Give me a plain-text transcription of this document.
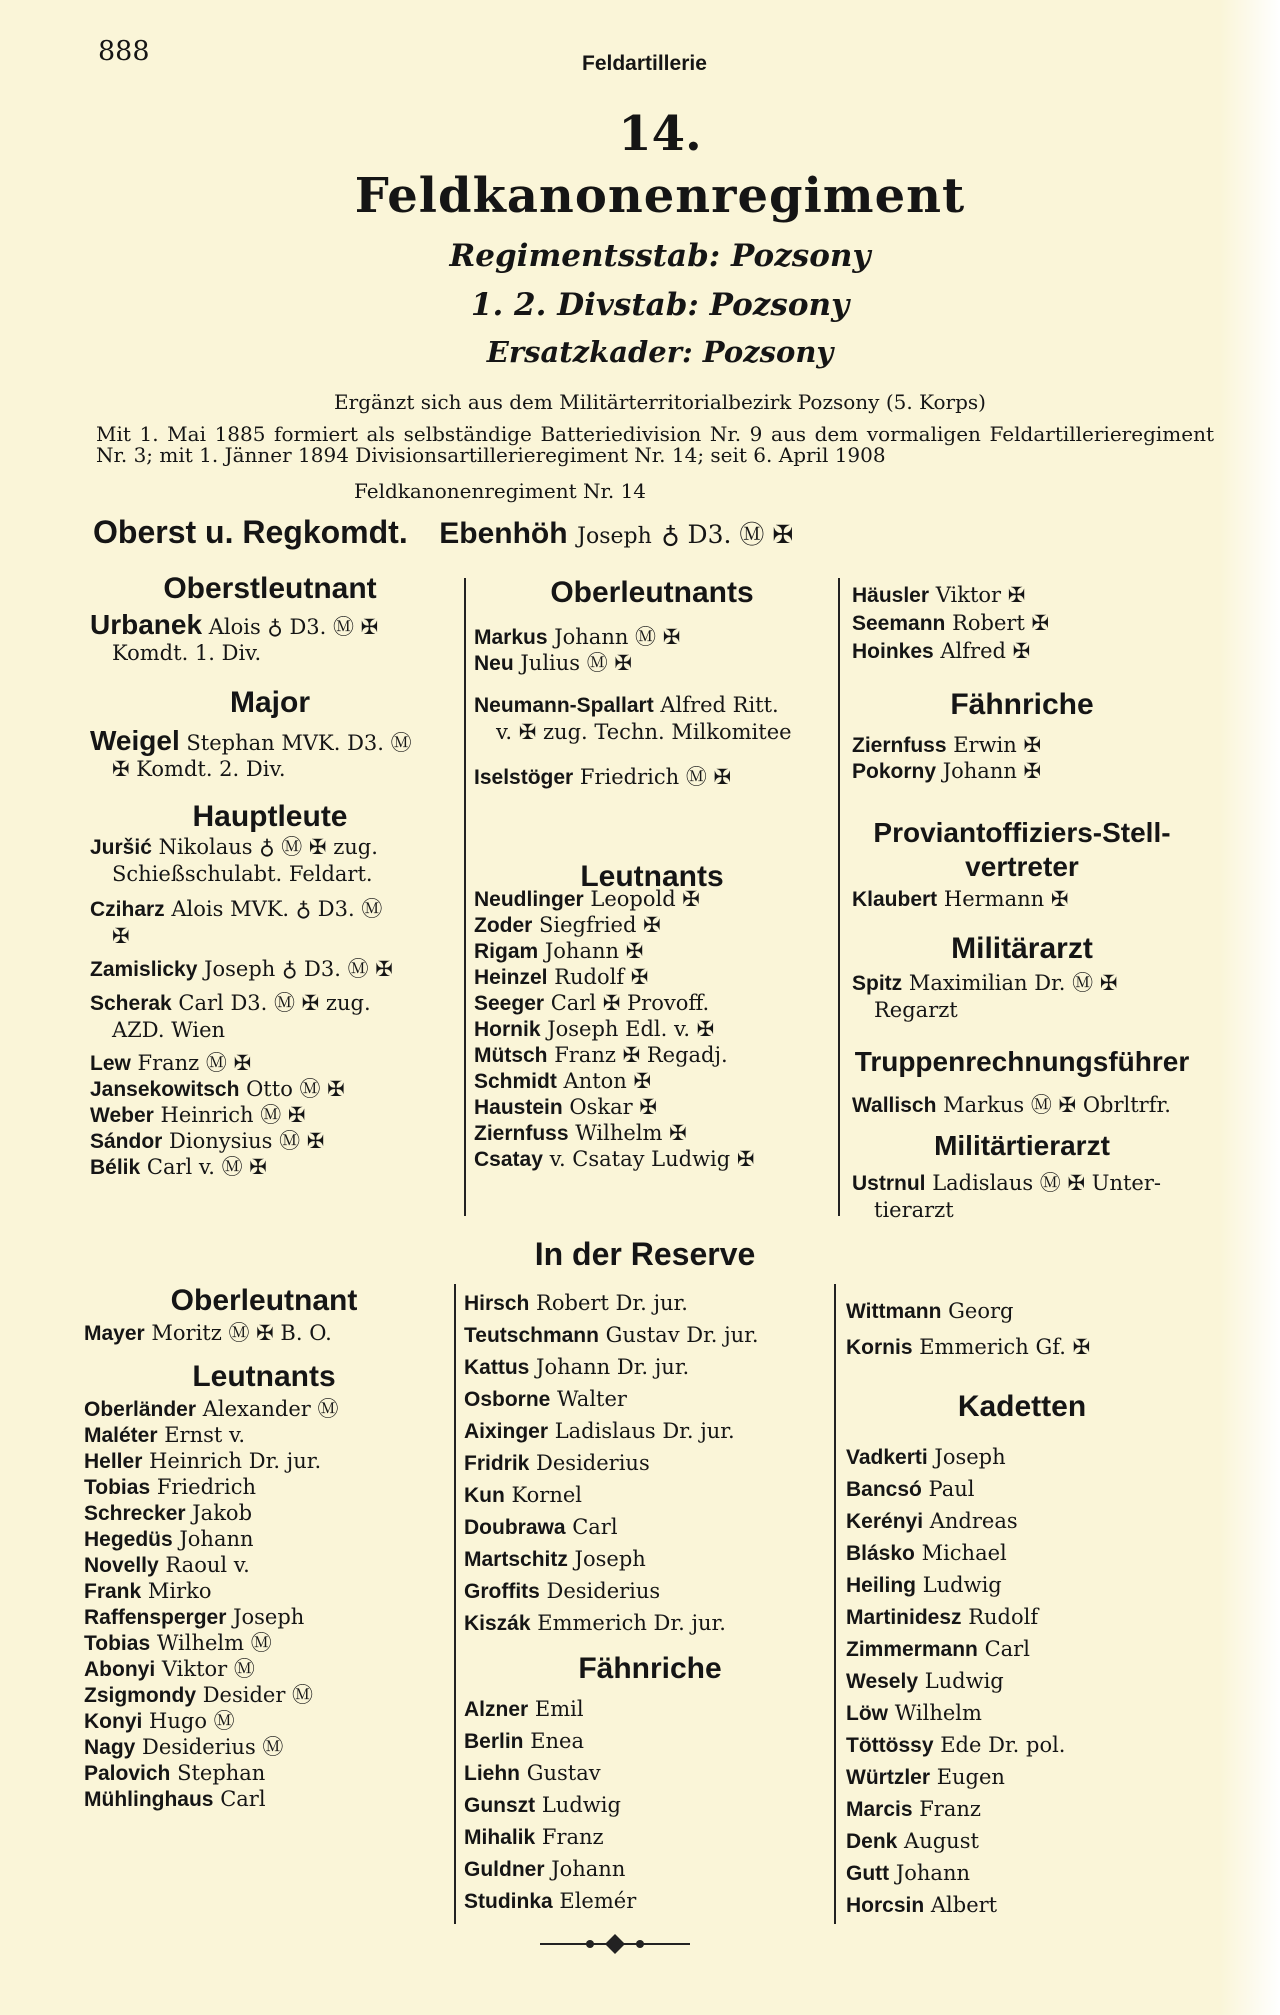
888	Feldartillerie
14.
Feldkanonenregiment
Regimentsstab: Pozsony
1. 2. Divstab: Pozsony
Ersatzkader: Pozsony
Ergänzt sich aus dem Militärterritorialbezirk Pozsony (5. Korps)
Mit 1. Mai 1885 formiert als selbständige Batteriedivision Nr. 9 aus dem vormaligen Feldartillerieregiment Nr. 3; mit 1. Jänner 1894 Divisionsartillerieregiment Nr. 14; seit 6. April 1908
Feldkanonenregiment Nr. 14
Oberst u. Regkomdt. Ebenhöh Joseph ♁ D3. Ⓜ ✠
Oberstleutnant
Urbanek Alois ♁ D3. Ⓜ ✠
Komdt. 1. Div.
Major
Weigel Stephan MVK. D3. Ⓜ
✠ Komdt. 2. Div.
Hauptleute
Juršić Nikolaus ♁ Ⓜ ✠ zug.
Schießschulabt. Feldart.
Cziharz Alois MVK. ♁ D3. Ⓜ
✠
Zamislicky Joseph ♁ D3. Ⓜ ✠
Scherak Carl D3. Ⓜ ✠ zug.
AZD. Wien
Lew Franz Ⓜ ✠
Jansekowitsch Otto Ⓜ ✠
Weber Heinrich Ⓜ ✠
Sándor Dionysius Ⓜ ✠
Bélik Carl v. Ⓜ ✠
Oberleutnants
Markus Johann Ⓜ ✠
Neu Julius Ⓜ ✠
Neumann-Spallart Alfred Ritt.
v. ✠ zug. Techn. Milkomitee
Iselstöger Friedrich Ⓜ ✠
Leutnants
Neudlinger Leopold ✠
Zoder Siegfried ✠
Rigam Johann ✠
Heinzel Rudolf ✠
Seeger Carl ✠ Provoff.
Hornik Joseph Edl. v. ✠
Mütsch Franz ✠ Regadj.
Schmidt Anton ✠
Haustein Oskar ✠
Ziernfuss Wilhelm ✠
Csatay v. Csatay Ludwig ✠
Häusler Viktor ✠
Seemann Robert ✠
Hoinkes Alfred ✠
Fähnriche
Ziernfuss Erwin ✠
Pokorny Johann ✠
Proviantoffiziers-Stell-
vertreter
Klaubert Hermann ✠
Militärarzt
Spitz Maximilian Dr. Ⓜ ✠
Regarzt
Truppenrechnungsführer
Wallisch Markus Ⓜ ✠ Obrltrfr.
Militärtierarzt
Ustrnul Ladislaus Ⓜ ✠ Unter-
tierarzt
In der Reserve
Oberleutnant
Mayer Moritz Ⓜ ✠ B. O.
Leutnants
Oberländer Alexander Ⓜ
Maléter Ernst v.
Heller Heinrich Dr. jur.
Tobias Friedrich
Schrecker Jakob
Hegedüs Johann
Novelly Raoul v.
Frank Mirko
Raffensperger Joseph
Tobias Wilhelm Ⓜ
Abonyi Viktor Ⓜ
Zsigmondy Desider Ⓜ
Konyi Hugo Ⓜ
Nagy Desiderius Ⓜ
Palovich Stephan
Mühlinghaus Carl
Hirsch Robert Dr. jur.
Teutschmann Gustav Dr. jur.
Kattus Johann Dr. jur.
Osborne Walter
Aixinger Ladislaus Dr. jur.
Fridrik Desiderius
Kun Kornel
Doubrawa Carl
Martschitz Joseph
Groffits Desiderius
Kiszák Emmerich Dr. jur.
Fähnriche
Alzner Emil
Berlin Enea
Liehn Gustav
Gunszt Ludwig
Mihalik Franz
Guldner Johann
Studinka Elemér
Wittmann Georg
Kornis Emmerich Gf. ✠
Kadetten
Vadkerti Joseph
Bancsó Paul
Kerényi Andreas
Blásko Michael
Heiling Ludwig
Martinidesz Rudolf
Zimmermann Carl
Wesely Ludwig
Löw Wilhelm
Töttössy Ede Dr. pol.
Würtzler Eugen
Marcis Franz
Denk August
Gutt Johann
Horcsin Albert
